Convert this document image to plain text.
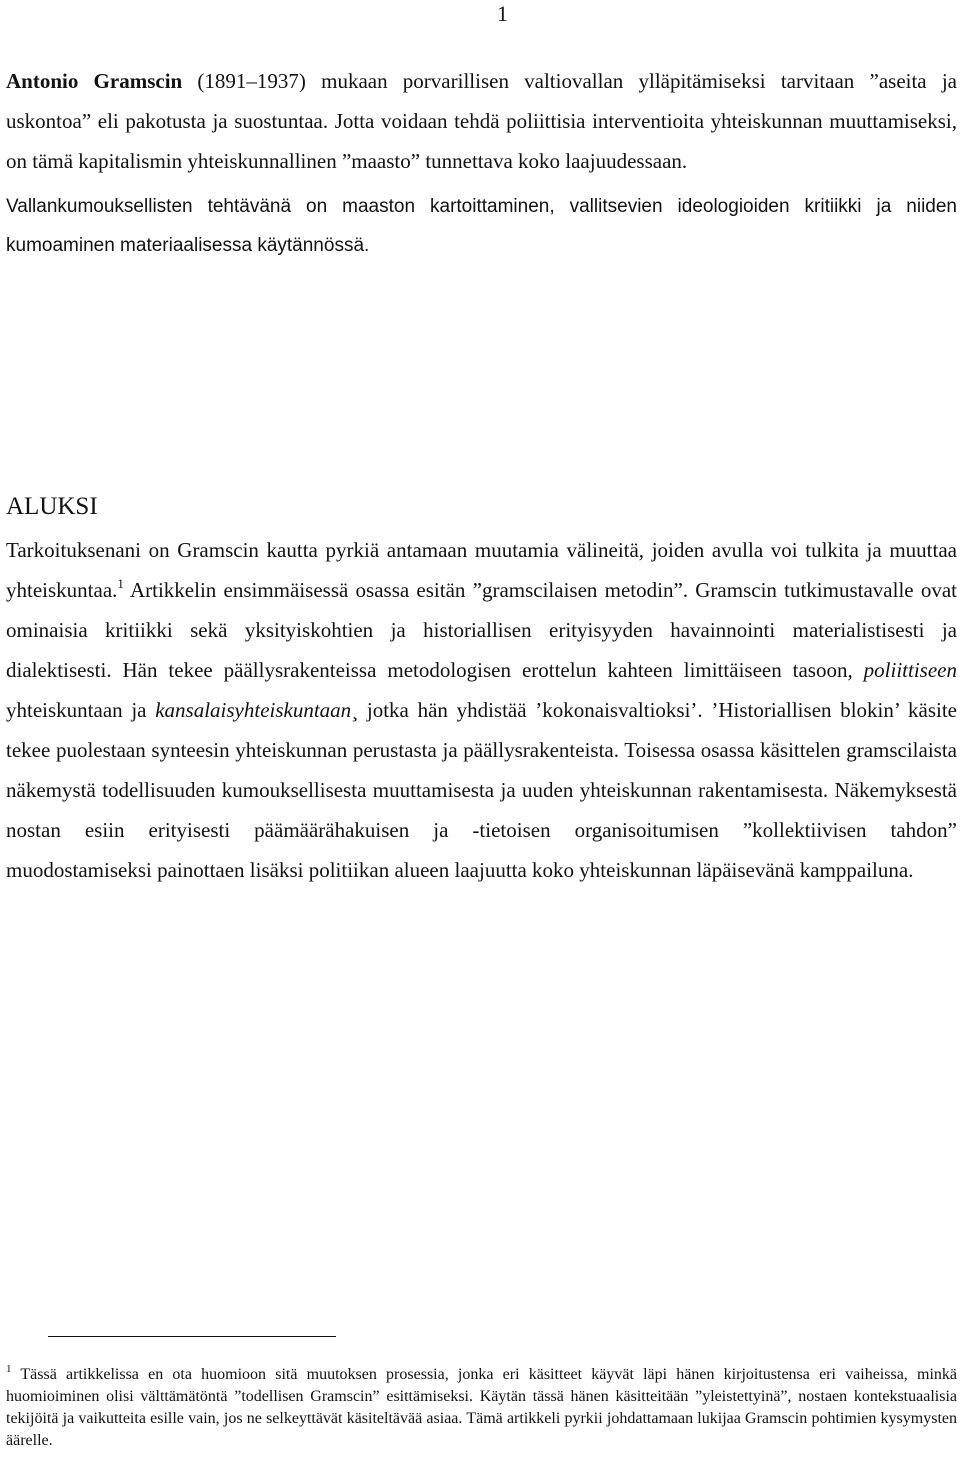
1

Antonio Gramscin (1891–1937) mukaan porvarillisen valtiovallan ylläpitämiseksi tarvitaan ”aseita ja uskontoa” eli pakotusta ja suostuntaa. Jotta voidaan tehdä poliittisia interventioita yhteiskunnan muuttamiseksi, on tämä kapitalismin yhteiskunnallinen ”maasto” tunnettava koko laajuudessaan.

Vallankumouksellisten tehtävänä on maaston kartoittaminen, vallitsevien ideologioiden kritiikki ja niiden kumoaminen materiaalisessa käytännössä.

ALUKSI

Tarkoituksenani on Gramscin kautta pyrkiä antamaan muutamia välineitä, joiden avulla voi tulkita ja muuttaa yhteiskuntaa.$^1$ Artikkelin ensimmäisessä osassa esitän ”gramscilaisen metodin”. Gramscin tutkimustavalle ovat ominaisia kritiikki sekä yksityiskohtien ja historiallisen erityisyyden havainnointi materialistisesti ja dialektisesti. Hän tekee päällysrakenteissa metodologisen erottelun kahteen limittäiseen tasoon, poliittiseen yhteiskuntaan ja kansalaisyhteiskuntaan¸ jotka hän yhdistää ’kokonaisvaltioksi’. ’Historiallisen blokin’ käsite tekee puolestaan synteesin yhteiskunnan perustasta ja päällysrakenteista. Toisessa osassa käsittelen gramscilaista näkemystä todellisuuden kumouksellisesta muuttamisesta ja uuden yhteiskunnan rakentamisesta. Näkemyksestä nostan esiin erityisesti päämäärähakuisen ja -tietoisen organisoitumisen ”kollektiivisen tahdon” muodostamiseksi painottaen lisäksi politiikan alueen laajuutta koko yhteiskunnan läpäisevänä kamppailuna.

$^1$ Tässä artikkelissa en ota huomioon sitä muutoksen prosessia, jonka eri käsitteet käyvät läpi hänen kirjoitustensa eri vaiheissa, minkä huomioiminen olisi välttämätöntä ”todellisen Gramscin” esittämiseksi. Käytän tässä hänen käsitteitään ”yleistettyinä”, nostaen kontekstuaalisia tekijöitä ja vaikutteita esille vain, jos ne selkeyttävät käsiteltävää asiaa. Tämä artikkeli pyrkii johdattamaan lukijaa Gramscin pohtimien kysymysten äärelle.
